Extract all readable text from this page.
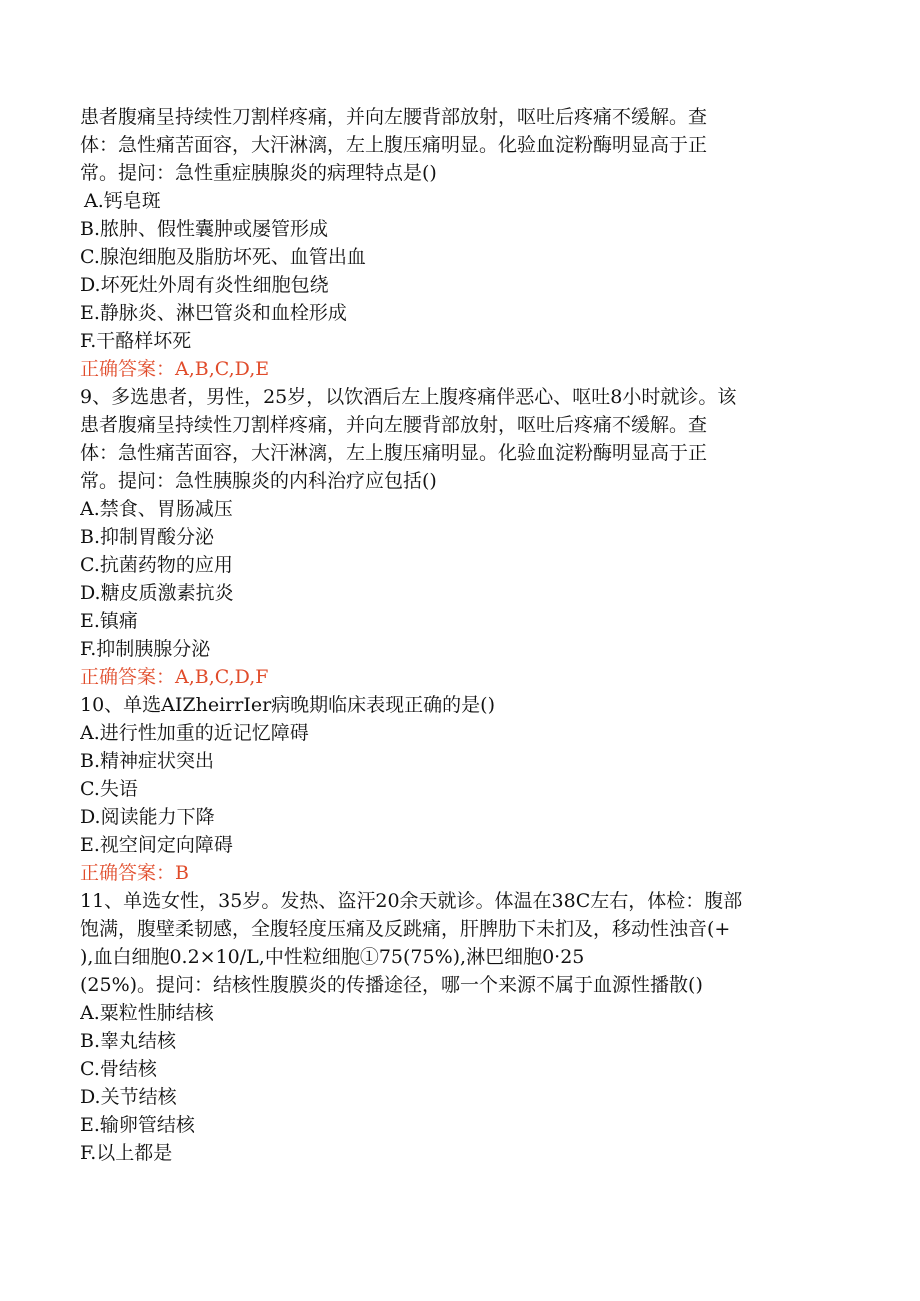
患者腹痛呈持续性刀割样疼痛，并向左腰背部放射，呕吐后疼痛不缓解。查
体：急性痛苦面容，大汗淋漓，左上腹压痛明显。化验血淀粉酶明显高于正
常。提问：急性重症胰腺炎的病理特点是()
A.钙皂斑
B.脓肿、假性囊肿或屡管形成
C.腺泡细胞及脂肪坏死、血管出血
D.坏死灶外周有炎性细胞包绕
E.静脉炎、淋巴管炎和血栓形成
F.干酪样坏死
正确答案：A,B,C,D,E
9、多选患者，男性，25岁，以饮酒后左上腹疼痛伴恶心、呕吐8小时就诊。该
患者腹痛呈持续性刀割样疼痛，并向左腰背部放射，呕吐后疼痛不缓解。查
体：急性痛苦面容，大汗淋漓，左上腹压痛明显。化验血淀粉酶明显高于正
常。提问：急性胰腺炎的内科治疗应包括()
A.禁食、胃肠减压
B.抑制胃酸分泌
C.抗菌药物的应用
D.糖皮质激素抗炎
E.镇痛
F.抑制胰腺分泌
正确答案：A,B,C,D,F
10、单选AIZheirrIer病晚期临床表现正确的是()
A.进行性加重的近记忆障碍
B.精神症状突出
C.失语
D.阅读能力下降
E.视空间定向障碍
正确答案：B
11、单选女性，35岁。发热、盗汗20余天就诊。体温在38C左右，体检：腹部
饱满，腹壁柔韧感，全腹轻度压痛及反跳痛，肝脾肋下未扪及，移动性浊音(+
),血白细胞0.2×10/L,中性粒细胞①75(75%),淋巴细胞0·25
(25%)。提问：结核性腹膜炎的传播途径，哪一个来源不属于血源性播散()
A.粟粒性肺结核
B.睾丸结核
C.骨结核
D.关节结核
E.输卵管结核
F.以上都是
